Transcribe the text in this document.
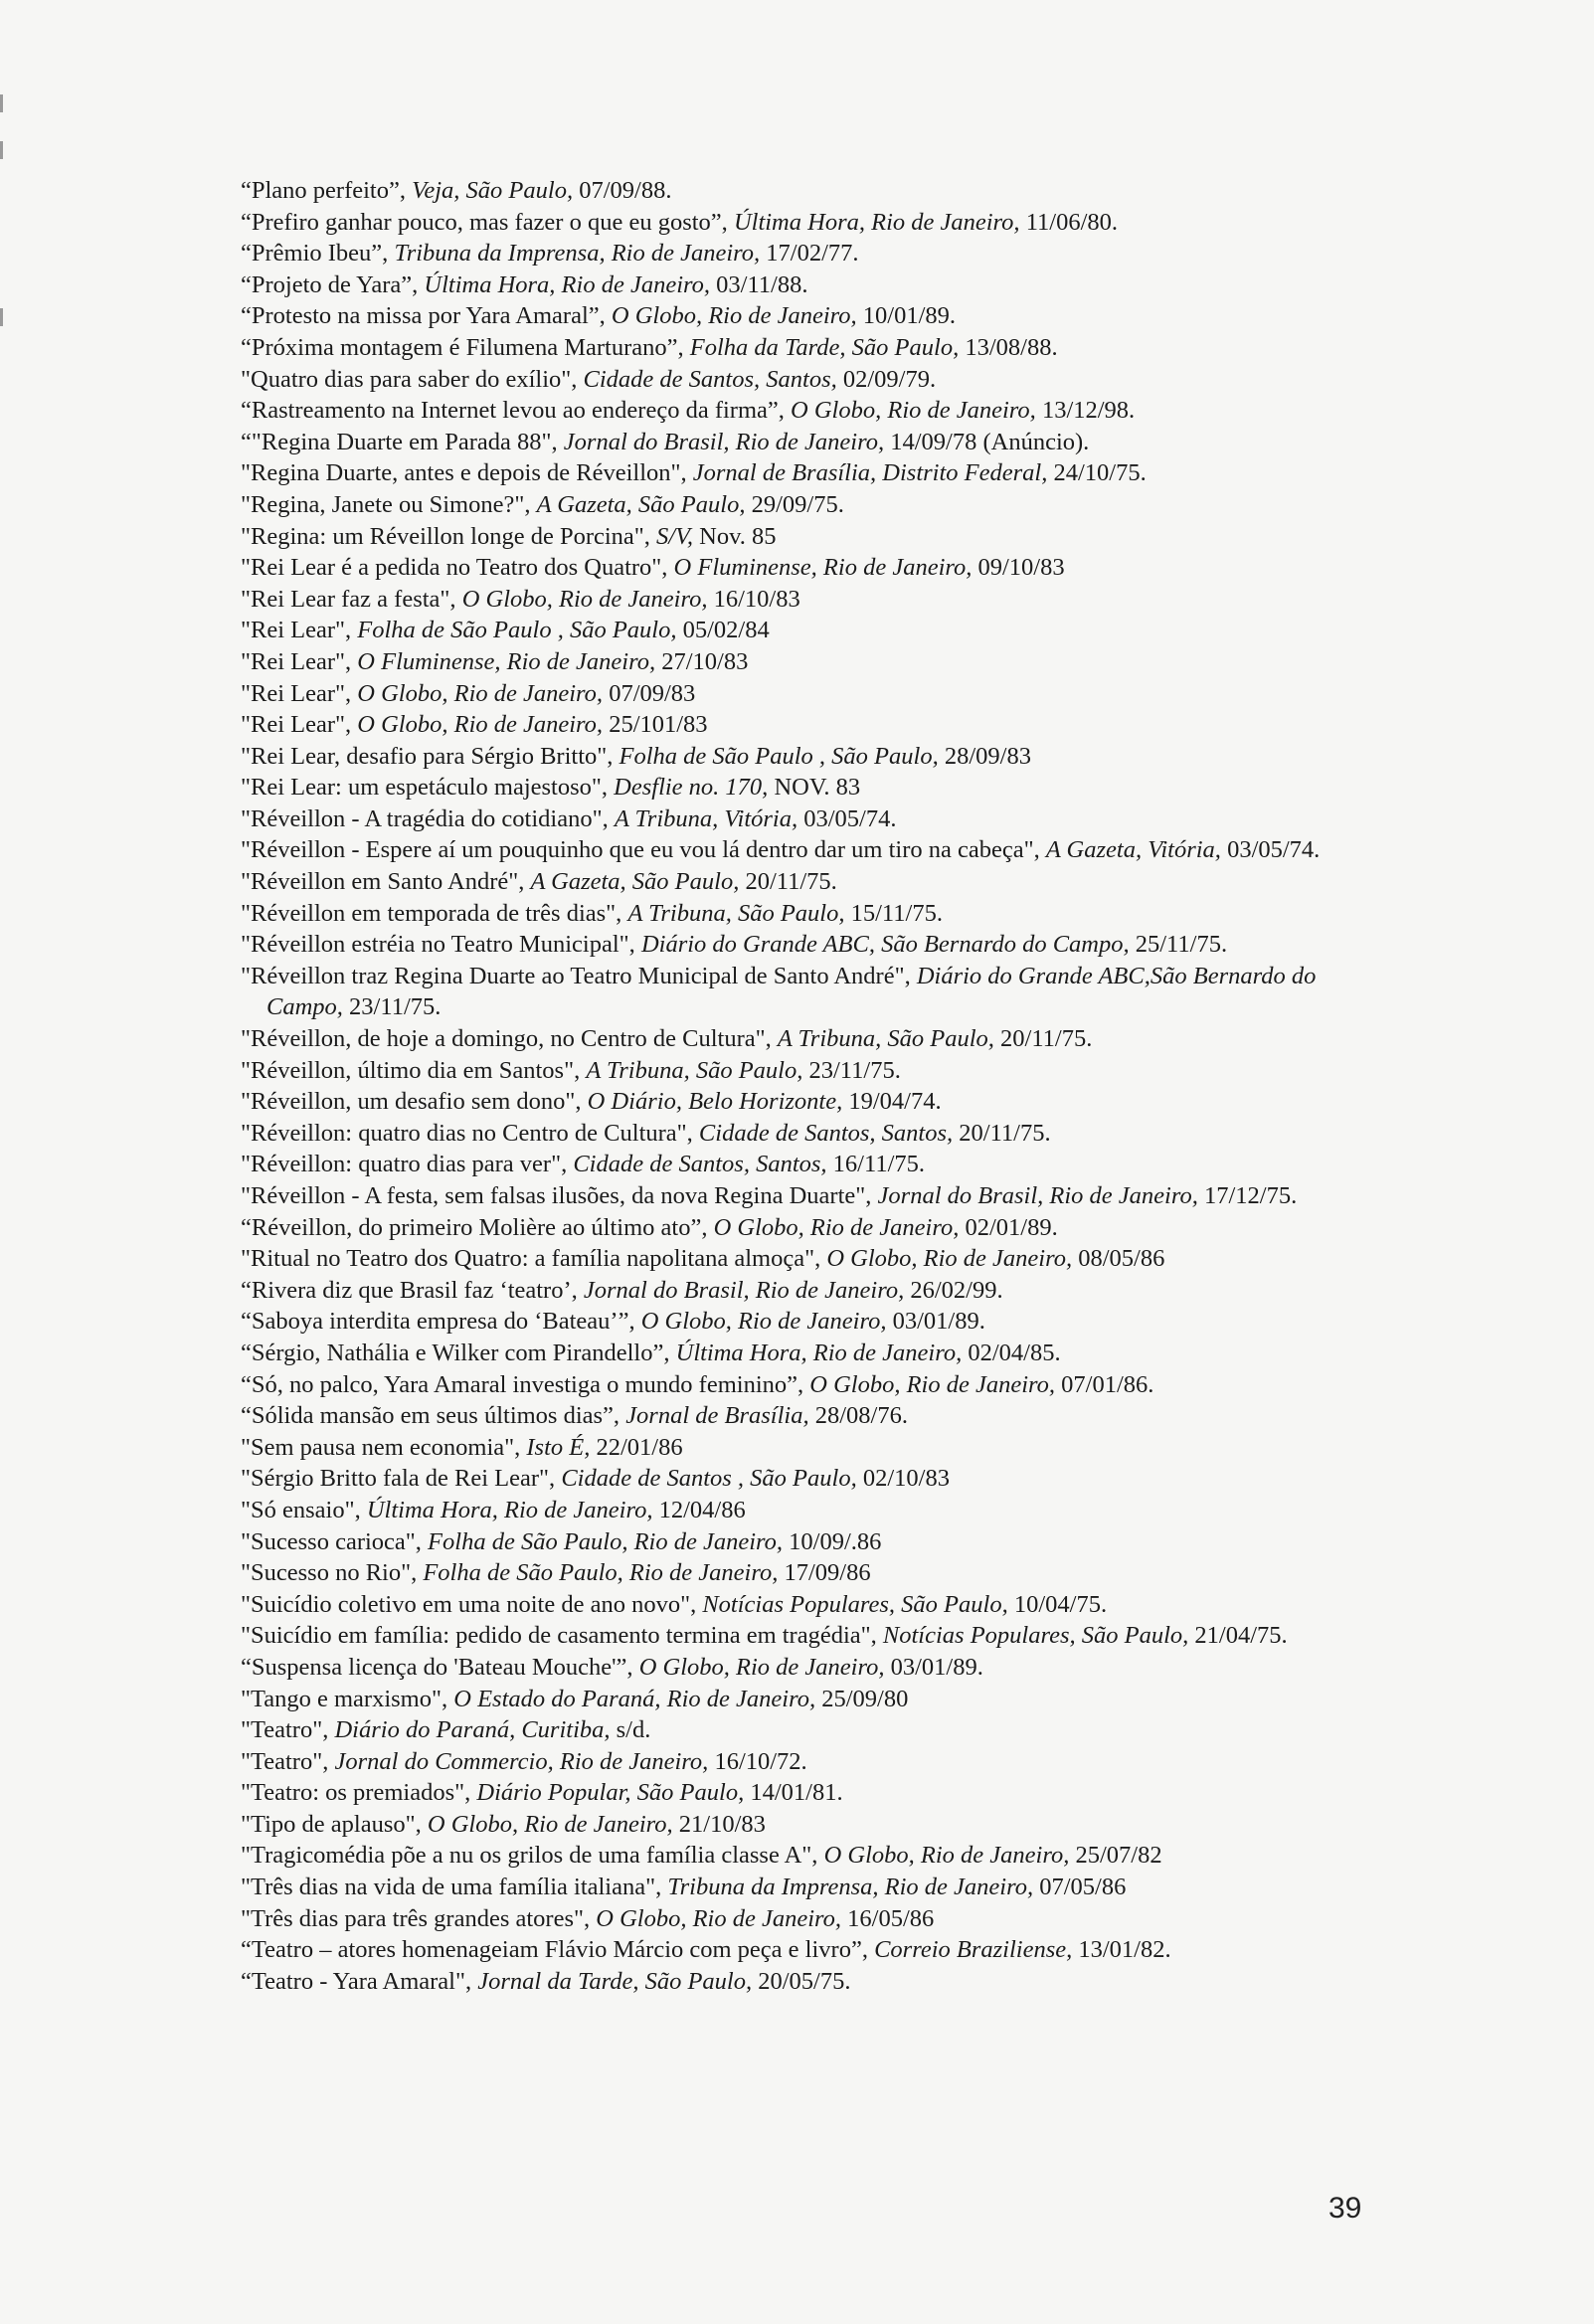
“Plano perfeito”, Veja, São Paulo, 07/09/88.
“Prefiro ganhar pouco, mas fazer o que eu gosto”, Última Hora, Rio de Janeiro, 11/06/80.
“Prêmio Ibeu”, Tribuna da Imprensa, Rio de Janeiro, 17/02/77.
“Projeto de Yara”, Última Hora, Rio de Janeiro, 03/11/88.
“Protesto na missa por Yara Amaral”, O Globo, Rio de Janeiro, 10/01/89.
“Próxima montagem é Filumena Marturano”, Folha da Tarde, São Paulo, 13/08/88.
"Quatro dias para saber do exílio", Cidade de Santos, Santos, 02/09/79.
“Rastreamento na Internet levou ao endereço da firma”, O Globo, Rio de Janeiro, 13/12/98.
“"Regina Duarte em Parada 88", Jornal do Brasil, Rio de Janeiro, 14/09/78 (Anúncio).
"Regina Duarte, antes e depois de Réveillon", Jornal de Brasília, Distrito Federal, 24/10/75.
"Regina, Janete ou Simone?", A Gazeta, São Paulo, 29/09/75.
"Regina: um Réveillon longe de Porcina", S/V, Nov. 85
"Rei Lear é a pedida no Teatro dos Quatro", O Fluminense, Rio de Janeiro, 09/10/83
"Rei Lear faz a festa", O Globo, Rio de Janeiro, 16/10/83
"Rei Lear", Folha de São Paulo , São Paulo, 05/02/84
"Rei Lear", O Fluminense, Rio de Janeiro, 27/10/83
"Rei Lear", O Globo, Rio de Janeiro, 07/09/83
"Rei Lear", O Globo, Rio de Janeiro, 25/101/83
"Rei Lear, desafio para Sérgio Britto", Folha de São Paulo , São Paulo, 28/09/83
"Rei Lear: um espetáculo majestoso", Desflie no. 170, NOV. 83
"Réveillon - A tragédia do cotidiano", A Tribuna, Vitória, 03/05/74.
"Réveillon - Espere aí um pouquinho que eu vou lá dentro dar um tiro na cabeça", A Gazeta, Vitória, 03/05/74.
"Réveillon em Santo André", A Gazeta, São Paulo, 20/11/75.
"Réveillon em temporada de três dias", A Tribuna, São Paulo, 15/11/75.
"Réveillon estréia no Teatro Municipal", Diário do Grande ABC, São Bernardo do Campo, 25/11/75.
"Réveillon traz Regina Duarte ao Teatro Municipal de Santo André", Diário do Grande ABC,São Bernardo do Campo, 23/11/75.
"Réveillon, de hoje a domingo, no Centro de Cultura", A Tribuna, São Paulo, 20/11/75.
"Réveillon, último dia em Santos", A Tribuna, São Paulo, 23/11/75.
"Réveillon, um desafio sem dono", O Diário, Belo Horizonte, 19/04/74.
"Réveillon: quatro dias no Centro de Cultura", Cidade de Santos, Santos, 20/11/75.
"Réveillon: quatro dias para ver", Cidade de Santos, Santos, 16/11/75.
"Réveillon - A festa, sem falsas ilusões, da nova Regina Duarte", Jornal do Brasil, Rio de Janeiro, 17/12/75.
“Réveillon, do primeiro Molière ao último ato”, O Globo, Rio de Janeiro, 02/01/89.
"Ritual no Teatro dos Quatro: a família napolitana almoça", O Globo, Rio de Janeiro, 08/05/86
“Rivera diz que Brasil faz ‘teatro’, Jornal do Brasil, Rio de Janeiro, 26/02/99.
“Saboya interdita empresa do ‘Bateau’”, O Globo, Rio de Janeiro, 03/01/89.
“Sérgio, Nathália e Wilker com Pirandello”, Última Hora, Rio de Janeiro, 02/04/85.
“Só, no palco, Yara Amaral investiga o mundo feminino”, O Globo, Rio de Janeiro, 07/01/86.
“Sólida mansão em seus últimos dias”, Jornal de Brasília, 28/08/76.
"Sem pausa nem economia", Isto É, 22/01/86
"Sérgio Britto fala de Rei Lear", Cidade de Santos , São Paulo, 02/10/83
"Só ensaio", Última Hora, Rio de Janeiro, 12/04/86
"Sucesso carioca", Folha de São Paulo, Rio de Janeiro, 10/09/.86
"Sucesso no Rio", Folha de São Paulo, Rio de Janeiro, 17/09/86
"Suicídio coletivo em uma noite de ano novo", Notícias Populares, São Paulo, 10/04/75.
"Suicídio em família: pedido de casamento termina em tragédia", Notícias Populares, São Paulo, 21/04/75.
“Suspensa licença do 'Bateau Mouche'”, O Globo, Rio de Janeiro, 03/01/89.
"Tango e marxismo", O Estado do Paraná, Rio de Janeiro, 25/09/80
"Teatro", Diário do Paraná, Curitiba, s/d.
"Teatro", Jornal do Commercio, Rio de Janeiro, 16/10/72.
"Teatro: os premiados", Diário Popular, São Paulo, 14/01/81.
"Tipo de aplauso", O Globo, Rio de Janeiro, 21/10/83
"Tragicomédia põe a nu os grilos de uma família classe A", O Globo, Rio de Janeiro, 25/07/82
"Três dias na vida de uma família italiana", Tribuna da Imprensa, Rio de Janeiro, 07/05/86
"Três dias para três grandes atores", O Globo, Rio de Janeiro, 16/05/86
“Teatro – atores homenageiam Flávio Márcio com peça e livro”, Correio Braziliense, 13/01/82.
“Teatro - Yara Amaral", Jornal da Tarde, São Paulo, 20/05/75.
39
